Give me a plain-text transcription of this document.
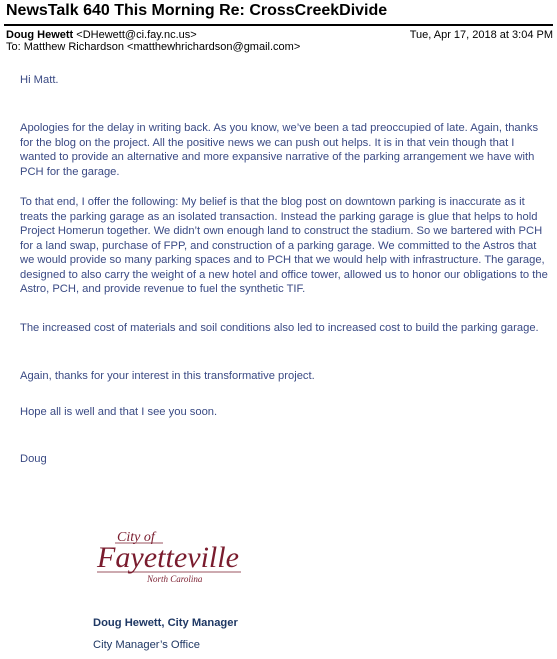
NewsTalk 640 This Morning Re: CrossCreekDivide
Doug Hewett <DHewett@ci.fay.nc.us>
To: Matthew Richardson <matthewhrichardson@gmail.com>
Tue, Apr 17, 2018 at 3:04 PM
Hi Matt.
Apologies for the delay in writing back. As you know, we’ve been a tad preoccupied of late. Again, thanks for the blog on the project. All the positive news we can push out helps. It is in that vein though that I wanted to provide an alternative and more expansive narrative of the parking arrangement we have with PCH for the garage.
To that end, I offer the following: My belief is that the blog post on downtown parking is inaccurate as it treats the parking garage as an isolated transaction. Instead the parking garage is glue that helps to hold Project Homerun together. We didn’t own enough land to construct the stadium. So we bartered with PCH for a land swap, purchase of FPP, and construction of a parking garage. We committed to the Astros that we would provide so many parking spaces and to PCH that we would help with infrastructure. The garage, designed to also carry the weight of a new hotel and office tower, allowed us to honor our obligations to the Astro, PCH, and provide revenue to fuel the synthetic TIF.
The increased cost of materials and soil conditions also led to increased cost to build the parking garage.
Again, thanks for your interest in this transformative project.
Hope all is well and that I see you soon.
Doug
City of
Fayetteville
North Carolina
Doug Hewett, City Manager
City Manager’s Office
